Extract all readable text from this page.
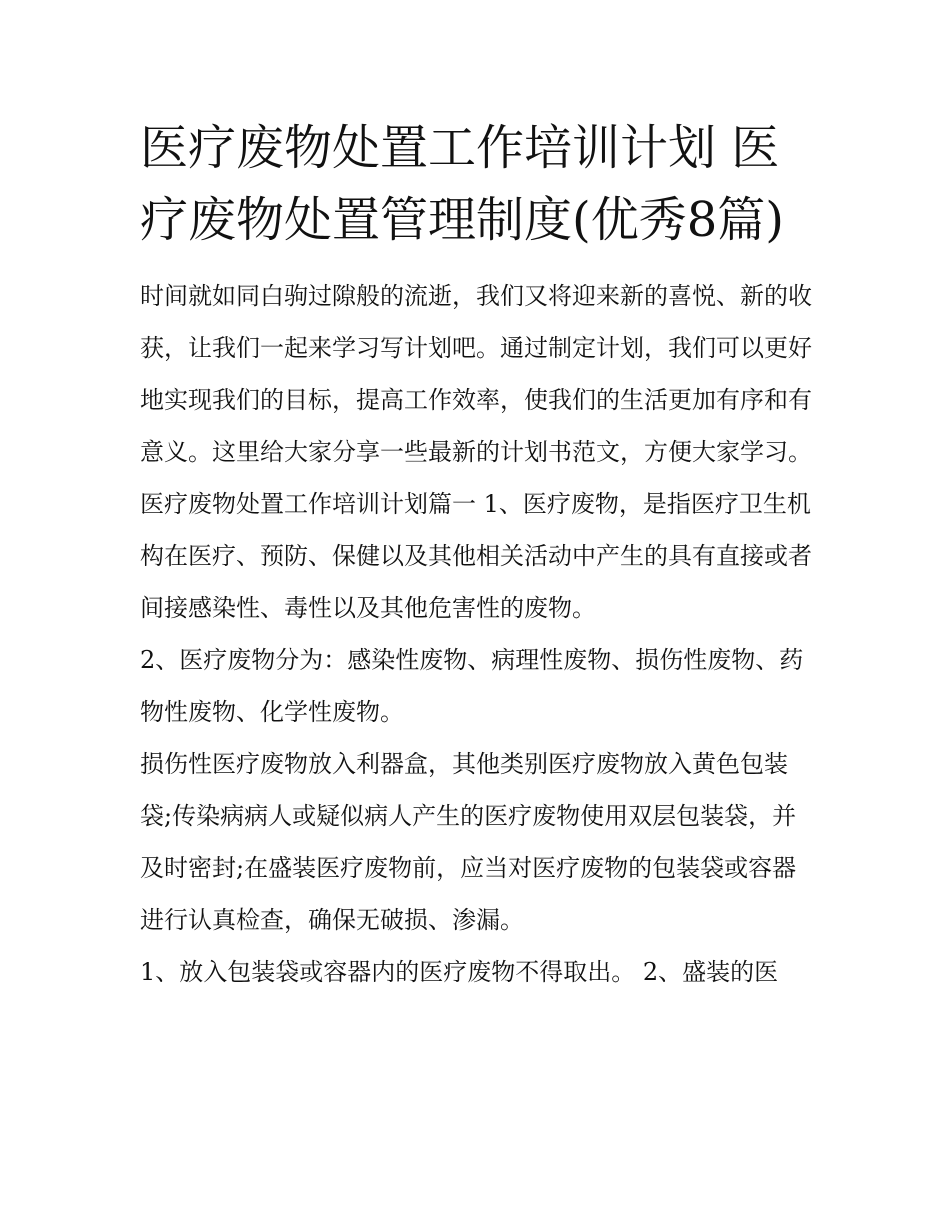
医疗废物处置工作培训计划 医疗废物处置管理制度(优秀8篇)

时间就如同白驹过隙般的流逝，我们又将迎来新的喜悦、新的收获，让我们一起来学习写计划吧。通过制定计划，我们可以更好地实现我们的目标，提高工作效率，使我们的生活更加有序和有意义。这里给大家分享一些最新的计划书范文，方便大家学习。

医疗废物处置工作培训计划篇一 1、医疗废物，是指医疗卫生机构在医疗、预防、保健以及其他相关活动中产生的具有直接或者间接感染性、毒性以及其他危害性的废物。

2、医疗废物分为：感染性废物、病理性废物、损伤性废物、药物性废物、化学性废物。

损伤性医疗废物放入利器盒，其他类别医疗废物放入黄色包装袋;传染病病人或疑似病人产生的医疗废物使用双层包装袋，并及时密封;在盛装医疗废物前，应当对医疗废物的包装袋或容器进行认真检查，确保无破损、渗漏。

1、放入包装袋或容器内的医疗废物不得取出。 2、盛装的医
